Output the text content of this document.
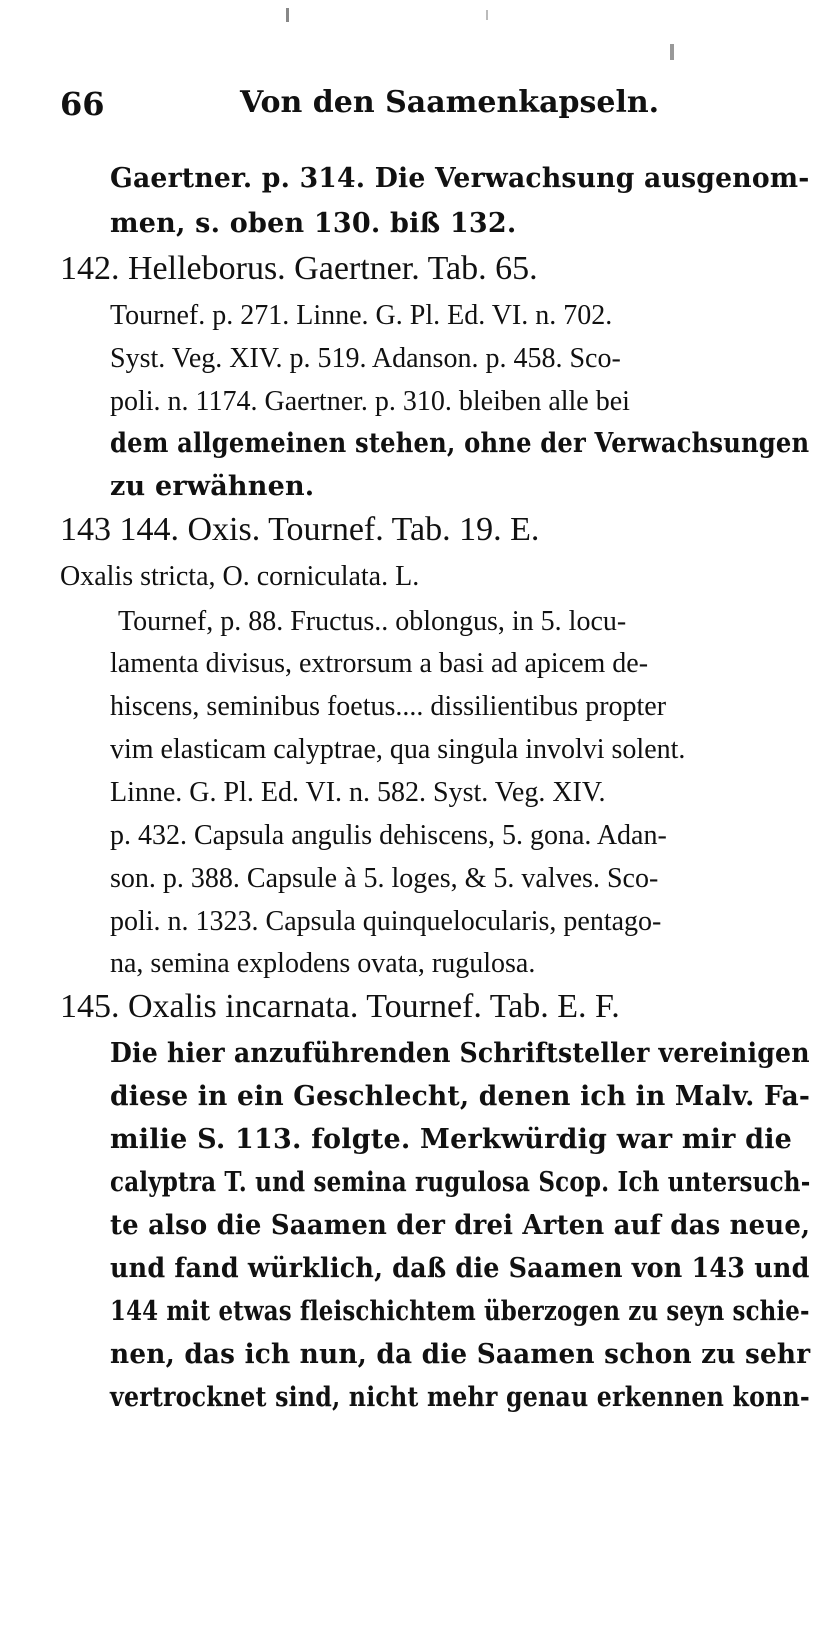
66	Von den Saamenkapseln.
Gaertner. p. 314. Die Verwachsung ausgenom-
men, s. oben 130. biß 132.
142. Helleborus. Gaertner. Tab. 65.
Tournef. p. 271. Linne. G. Pl. Ed. VI. n. 702.
Syst. Veg. XIV. p. 519. Adanson. p. 458. Sco-
poli. n. 1174. Gaertner. p. 310. bleiben alle bei
dem allgemeinen stehen, ohne der Verwachsungen
zu erwähnen.
143 144. Oxis. Tournef. Tab. 19. E.
Oxalis stricta, O. corniculata. L.
Tournef, p. 88. Fructus.. oblongus, in 5. locu-
lamenta divisus, extrorsum a basi ad apicem de-
hiscens, seminibus foetus.... dissilientibus propter
vim elasticam calyptrae, qua singula involvi solent.
Linne. G. Pl. Ed. VI. n. 582. Syst. Veg. XIV.
p. 432. Capsula angulis dehiscens, 5. gona. Adan-
son. p. 388. Capsule à 5. loges, & 5. valves. Sco-
poli. n. 1323. Capsula quinquelocularis, pentago-
na, semina explodens ovata, rugulosa.
145. Oxalis incarnata. Tournef. Tab. E. F.
Die hier anzuführenden Schriftsteller vereinigen
diese in ein Geschlecht, denen ich in Malv. Fa-
milie S. 113. folgte. Merkwürdig war mir die
calyptra T. und semina rugulosa Scop. Ich untersuch-
te also die Saamen der drei Arten auf das neue,
und fand würklich, daß die Saamen von 143 und
144 mit etwas fleischichtem überzogen zu seyn schie-
nen, das ich nun, da die Saamen schon zu sehr
vertrocknet sind, nicht mehr genau erkennen konn-
